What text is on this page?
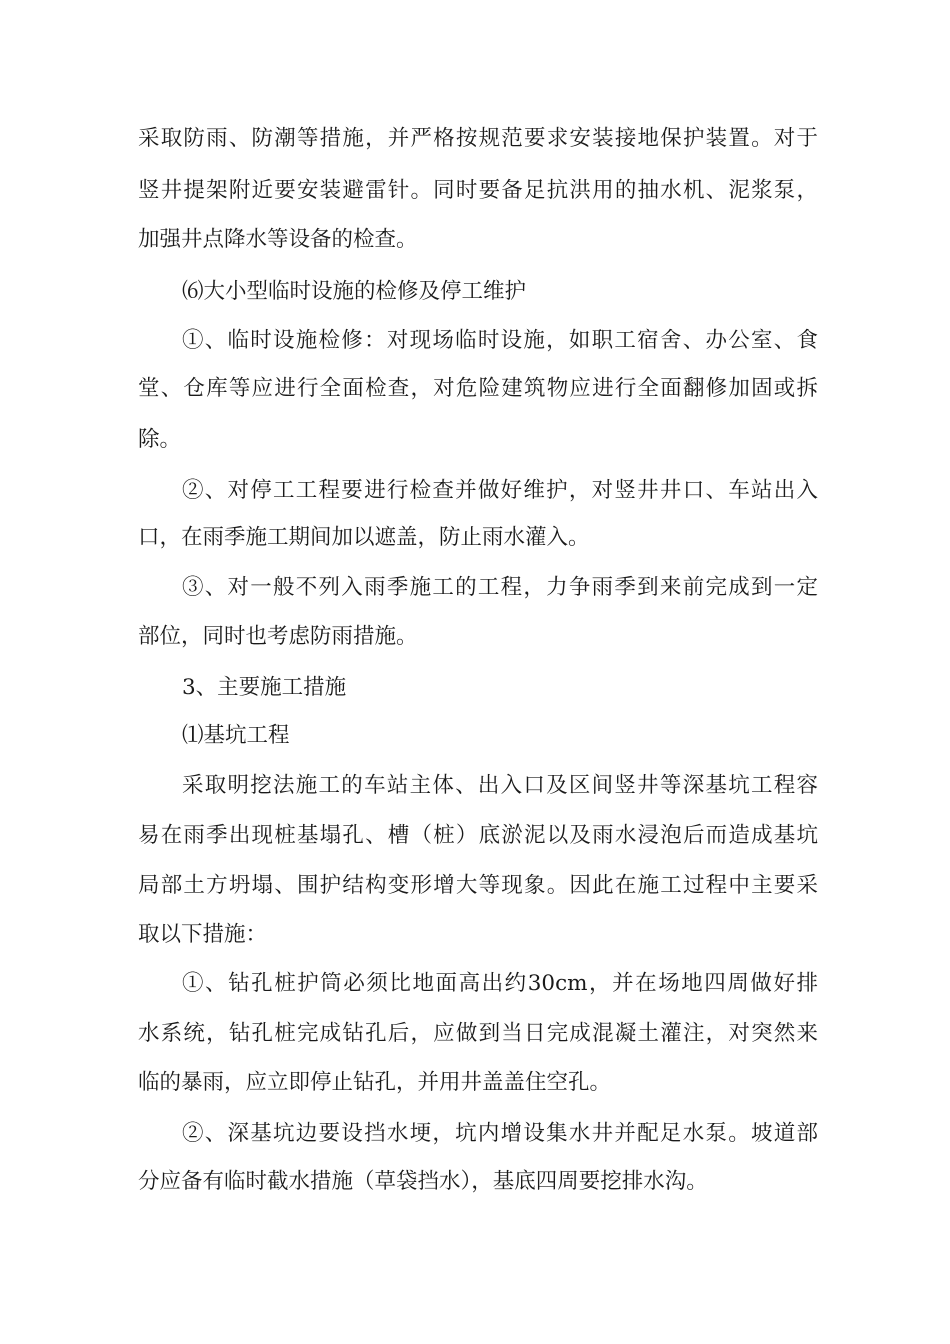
采取防雨、防潮等措施，并严格按规范要求安装接地保护装置。对于
竖井提架附近要安装避雷针。同时要备足抗洪用的抽水机、泥浆泵，
加强井点降水等设备的检查。
⑹大小型临时设施的检修及停工维护
①、临时设施检修：对现场临时设施，如职工宿舍、办公室、食
堂、仓库等应进行全面检查，对危险建筑物应进行全面翻修加固或拆
除。
②、对停工工程要进行检查并做好维护，对竖井井口、车站出入
口，在雨季施工期间加以遮盖，防止雨水灌入。
③、对一般不列入雨季施工的工程，力争雨季到来前完成到一定
部位，同时也考虑防雨措施。
3、主要施工措施
⑴基坑工程
采取明挖法施工的车站主体、出入口及区间竖井等深基坑工程容
易在雨季出现桩基塌孔、槽（桩）底淤泥以及雨水浸泡后而造成基坑
局部土方坍塌、围护结构变形增大等现象。因此在施工过程中主要采
取以下措施：
①、钻孔桩护筒必须比地面高出约30cm，并在场地四周做好排
水系统，钻孔桩完成钻孔后，应做到当日完成混凝土灌注，对突然来
临的暴雨，应立即停止钻孔，并用井盖盖住空孔。
②、深基坑边要设挡水埂，坑内增设集水井并配足水泵。坡道部
分应备有临时截水措施（草袋挡水），基底四周要挖排水沟。
